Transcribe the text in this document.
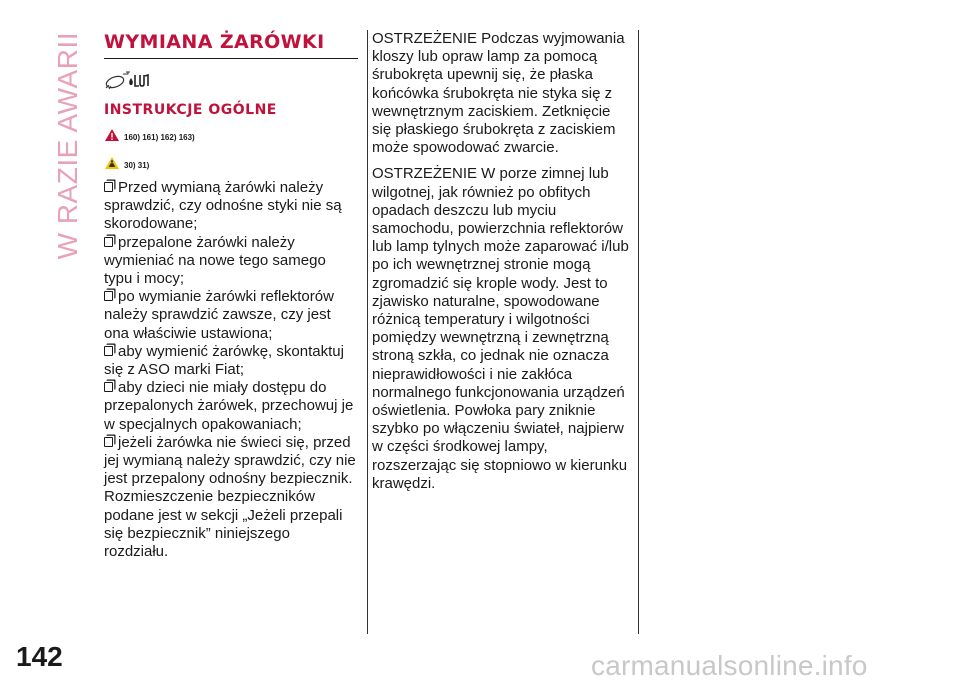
W RAZIE AWARII WYMIANA ŻARÓWKI
INSTRUKCJE OGÓLNE
160) 161) 162) 163)
30) 31)
Przed wymianą żarówki należy sprawdzić, czy odnośne styki nie są skorodowane;
przepalone żarówki należy wymieniać na nowe tego samego typu i mocy;
po wymianie żarówki reflektorów należy sprawdzić zawsze, czy jest ona właściwie ustawiona;
aby wymienić żarówkę, skontaktuj się z ASO marki Fiat;
aby dzieci nie miały dostępu do przepalonych żarówek, przechowuj je w specjalnych opakowaniach;
jeżeli żarówka nie świeci się, przed jej wymianą należy sprawdzić, czy nie jest przepalony odnośny bezpiecznik. Rozmieszczenie bezpieczników podane jest w sekcji „Jeżeli przepali się bezpiecznik” niniejszego rozdziału.

OSTRZEŻENIE Podczas wyjmowania kloszy lub opraw lamp za pomocą śrubokręta upewnij się, że płaska końcówka śrubokręta nie styka się z wewnętrznym zaciskiem. Zetknięcie się płaskiego śrubokręta z zaciskiem może spowodować zwarcie.

OSTRZEŻENIE W porze zimnej lub wilgotnej, jak również po obfitych opadach deszczu lub myciu samochodu, powierzchnia reflektorów lub lamp tylnych może zaparować i/lub po ich wewnętrznej stronie mogą zgromadzić się krople wody. Jest to zjawisko naturalne, spowodowane różnicą temperatury i wilgotności pomiędzy wewnętrzną i zewnętrzną stroną szkła, co jednak nie oznacza nieprawidłowości i nie zakłóca normalnego funkcjonowania urządzeń oświetlenia. Powłoka pary zniknie szybko po włączeniu świateł, najpierw w części środkowej lampy, rozszerzając się stopniowo w kierunku krawędzi.

142	carmanualsonline.info
